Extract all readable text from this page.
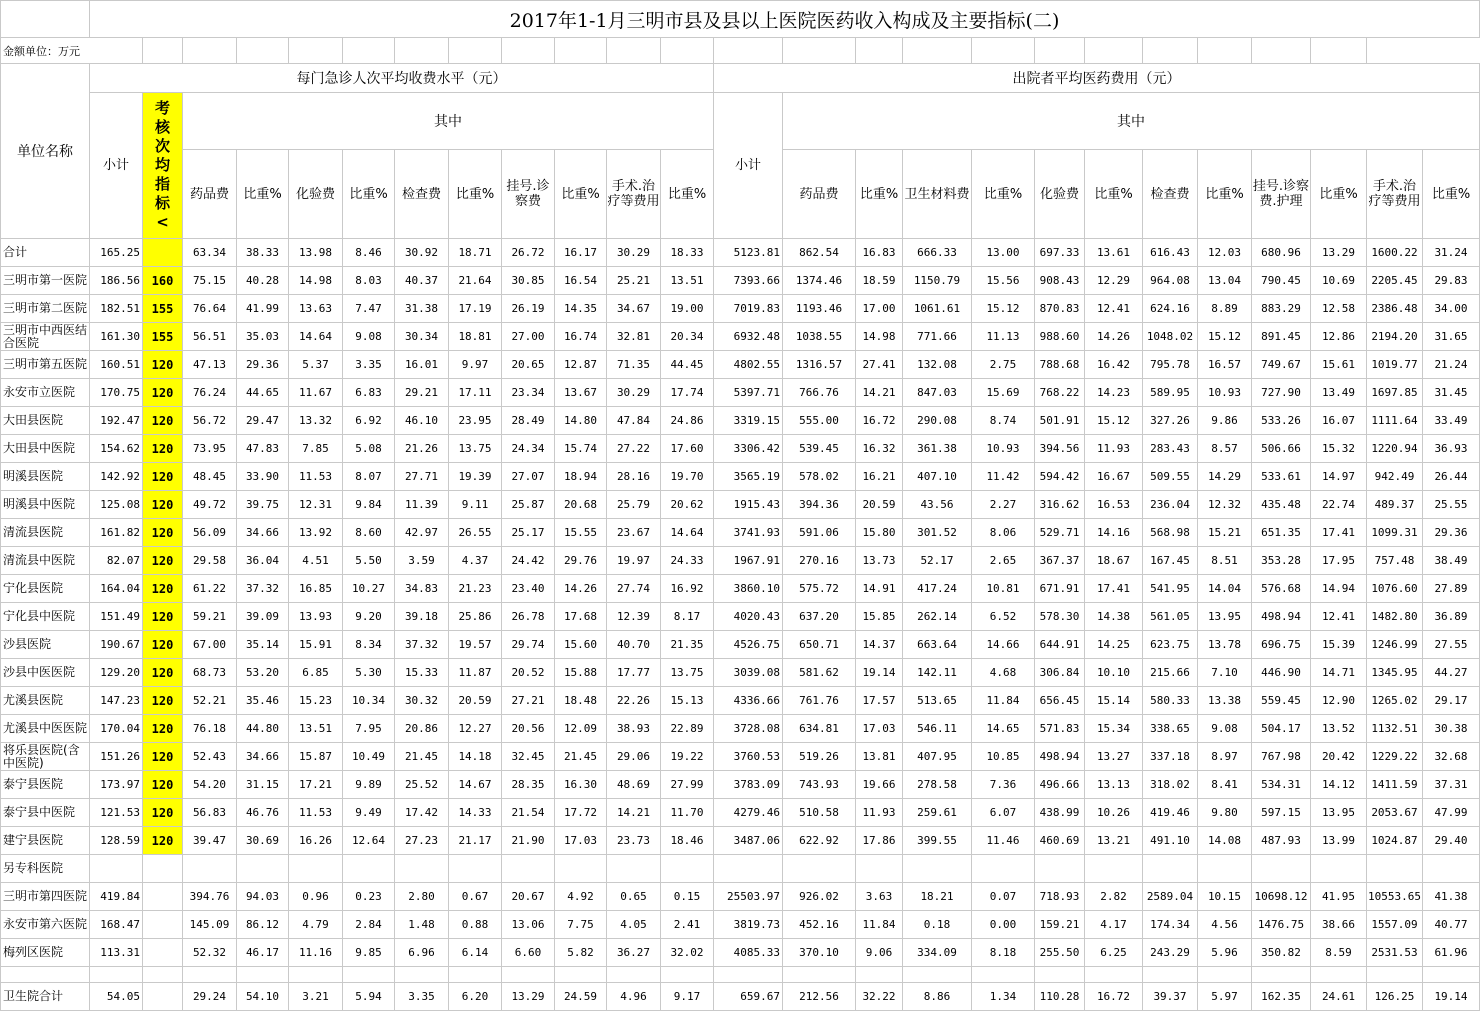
	2017年1-1月三明市县及县以上医院医药收入构成及主要指标(二)																								
金额单位：万元																									
单位名称	每门急诊人次平均收费水平（元）												出院者平均医药费用（元）												
	小计	考核次均指标<	其中										小计	其中											
			药品费	比重%	化验费	比重%	检查费	比重%	挂号.诊察费	比重%	手术.治疗等费用	比重%		药品费	比重%	卫生材料费	比重%	化验费	比重%	检查费	比重%	挂号.诊察费.护理	比重%	手术.治疗等费用	比重%
合计	165.25		63.34	38.33	13.98	8.46	30.92	18.71	26.72	16.17	30.29	18.33	5123.81	862.54	16.83	666.33	13.00	697.33	13.61	616.43	12.03	680.96	13.29	1600.22	31.24
三明市第一医院	186.56	160	75.15	40.28	14.98	8.03	40.37	21.64	30.85	16.54	25.21	13.51	7393.66	1374.46	18.59	1150.79	15.56	908.43	12.29	964.08	13.04	790.45	10.69	2205.45	29.83
三明市第二医院	182.51	155	76.64	41.99	13.63	7.47	31.38	17.19	26.19	14.35	34.67	19.00	7019.83	1193.46	17.00	1061.61	15.12	870.83	12.41	624.16	8.89	883.29	12.58	2386.48	34.00
三明市中西医结合医院	161.30	155	56.51	35.03	14.64	9.08	30.34	18.81	27.00	16.74	32.81	20.34	6932.48	1038.55	14.98	771.66	11.13	988.60	14.26	1048.02	15.12	891.45	12.86	2194.20	31.65
三明市第五医院	160.51	120	47.13	29.36	5.37	3.35	16.01	9.97	20.65	12.87	71.35	44.45	4802.55	1316.57	27.41	132.08	2.75	788.68	16.42	795.78	16.57	749.67	15.61	1019.77	21.24
永安市立医院	170.75	120	76.24	44.65	11.67	6.83	29.21	17.11	23.34	13.67	30.29	17.74	5397.71	766.76	14.21	847.03	15.69	768.22	14.23	589.95	10.93	727.90	13.49	1697.85	31.45
大田县医院	192.47	120	56.72	29.47	13.32	6.92	46.10	23.95	28.49	14.80	47.84	24.86	3319.15	555.00	16.72	290.08	8.74	501.91	15.12	327.26	9.86	533.26	16.07	1111.64	33.49
大田县中医院	154.62	120	73.95	47.83	7.85	5.08	21.26	13.75	24.34	15.74	27.22	17.60	3306.42	539.45	16.32	361.38	10.93	394.56	11.93	283.43	8.57	506.66	15.32	1220.94	36.93
明溪县医院	142.92	120	48.45	33.90	11.53	8.07	27.71	19.39	27.07	18.94	28.16	19.70	3565.19	578.02	16.21	407.10	11.42	594.42	16.67	509.55	14.29	533.61	14.97	942.49	26.44
明溪县中医院	125.08	120	49.72	39.75	12.31	9.84	11.39	9.11	25.87	20.68	25.79	20.62	1915.43	394.36	20.59	43.56	2.27	316.62	16.53	236.04	12.32	435.48	22.74	489.37	25.55
清流县医院	161.82	120	56.09	34.66	13.92	8.60	42.97	26.55	25.17	15.55	23.67	14.64	3741.93	591.06	15.80	301.52	8.06	529.71	14.16	568.98	15.21	651.35	17.41	1099.31	29.36
清流县中医院	82.07	120	29.58	36.04	4.51	5.50	3.59	4.37	24.42	29.76	19.97	24.33	1967.91	270.16	13.73	52.17	2.65	367.37	18.67	167.45	8.51	353.28	17.95	757.48	38.49
宁化县医院	164.04	120	61.22	37.32	16.85	10.27	34.83	21.23	23.40	14.26	27.74	16.92	3860.10	575.72	14.91	417.24	10.81	671.91	17.41	541.95	14.04	576.68	14.94	1076.60	27.89
宁化县中医院	151.49	120	59.21	39.09	13.93	9.20	39.18	25.86	26.78	17.68	12.39	8.17	4020.43	637.20	15.85	262.14	6.52	578.30	14.38	561.05	13.95	498.94	12.41	1482.80	36.89
沙县医院	190.67	120	67.00	35.14	15.91	8.34	37.32	19.57	29.74	15.60	40.70	21.35	4526.75	650.71	14.37	663.64	14.66	644.91	14.25	623.75	13.78	696.75	15.39	1246.99	27.55
沙县中医医院	129.20	120	68.73	53.20	6.85	5.30	15.33	11.87	20.52	15.88	17.77	13.75	3039.08	581.62	19.14	142.11	4.68	306.84	10.10	215.66	7.10	446.90	14.71	1345.95	44.27
尤溪县医院	147.23	120	52.21	35.46	15.23	10.34	30.32	20.59	27.21	18.48	22.26	15.13	4336.66	761.76	17.57	513.65	11.84	656.45	15.14	580.33	13.38	559.45	12.90	1265.02	29.17
尤溪县中医医院	170.04	120	76.18	44.80	13.51	7.95	20.86	12.27	20.56	12.09	38.93	22.89	3728.08	634.81	17.03	546.11	14.65	571.83	15.34	338.65	9.08	504.17	13.52	1132.51	30.38
将乐县医院(含中医院)	151.26	120	52.43	34.66	15.87	10.49	21.45	14.18	32.45	21.45	29.06	19.22	3760.53	519.26	13.81	407.95	10.85	498.94	13.27	337.18	8.97	767.98	20.42	1229.22	32.68
泰宁县医院	173.97	120	54.20	31.15	17.21	9.89	25.52	14.67	28.35	16.30	48.69	27.99	3783.09	743.93	19.66	278.58	7.36	496.66	13.13	318.02	8.41	534.31	14.12	1411.59	37.31
泰宁县中医院	121.53	120	56.83	46.76	11.53	9.49	17.42	14.33	21.54	17.72	14.21	11.70	4279.46	510.58	11.93	259.61	6.07	438.99	10.26	419.46	9.80	597.15	13.95	2053.67	47.99
建宁县医院	128.59	120	39.47	30.69	16.26	12.64	27.23	21.17	21.90	17.03	23.73	18.46	3487.06	622.92	17.86	399.55	11.46	460.69	13.21	491.10	14.08	487.93	13.99	1024.87	29.40
另专科医院																									
三明市第四医院	419.84		394.76	94.03	0.96	0.23	2.80	0.67	20.67	4.92	0.65	0.15	25503.97	926.02	3.63	18.21	0.07	718.93	2.82	2589.04	10.15	10698.12	41.95	10553.65	41.38
永安市第六医院	168.47		145.09	86.12	4.79	2.84	1.48	0.88	13.06	7.75	4.05	2.41	3819.73	452.16	11.84	0.18	0.00	159.21	4.17	174.34	4.56	1476.75	38.66	1557.09	40.77
梅列区医院	113.31		52.32	46.17	11.16	9.85	6.96	6.14	6.60	5.82	36.27	32.02	4085.33	370.10	9.06	334.09	8.18	255.50	6.25	243.29	5.96	350.82	8.59	2531.53	61.96

卫生院合计	54.05		29.24	54.10	3.21	5.94	3.35	6.20	13.29	24.59	4.96	9.17	659.67	212.56	32.22	8.86	1.34	110.28	16.72	39.37	5.97	162.35	24.61	126.25	19.14
